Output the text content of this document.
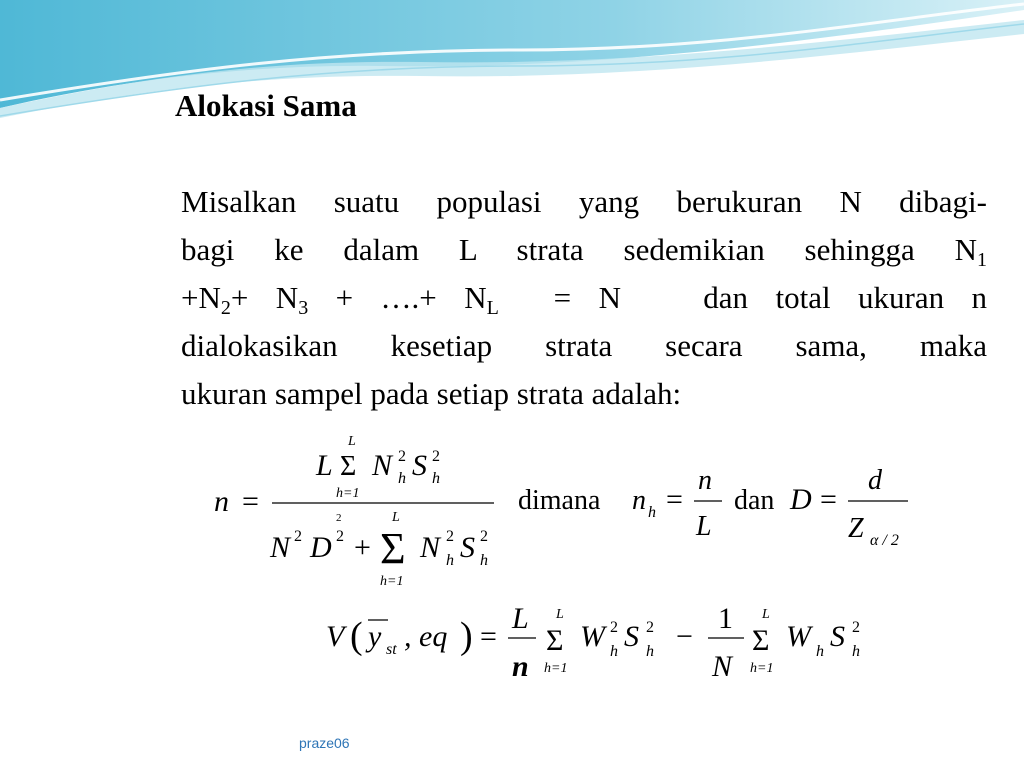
Alokasi Sama
Misalkan suatu populasi yang berukuran N dibagi-
bagi ke dalam L strata sedemikian sehingga $N_1$
$+N_2+ N_3$ + ….+ $N_L = N$   dan total ukuran n
dialokasikan kesetiap strata secara sama, maka
ukuran sampel pada setiap strata adalah:
n =
L Σ
L
h=1
N 2
h S 2
h
N 2 D 2
2
+ Σ
L
h=1
N 2
h S 2
h
dimana n h =
n
L
dan D =
d
Z α / 2
V ( y st , eq ) =
L
n
Σ
L
h=1
W 2
h S 2
h −
1
N
Σ
L
h=1
W h S 2
h
praze06
